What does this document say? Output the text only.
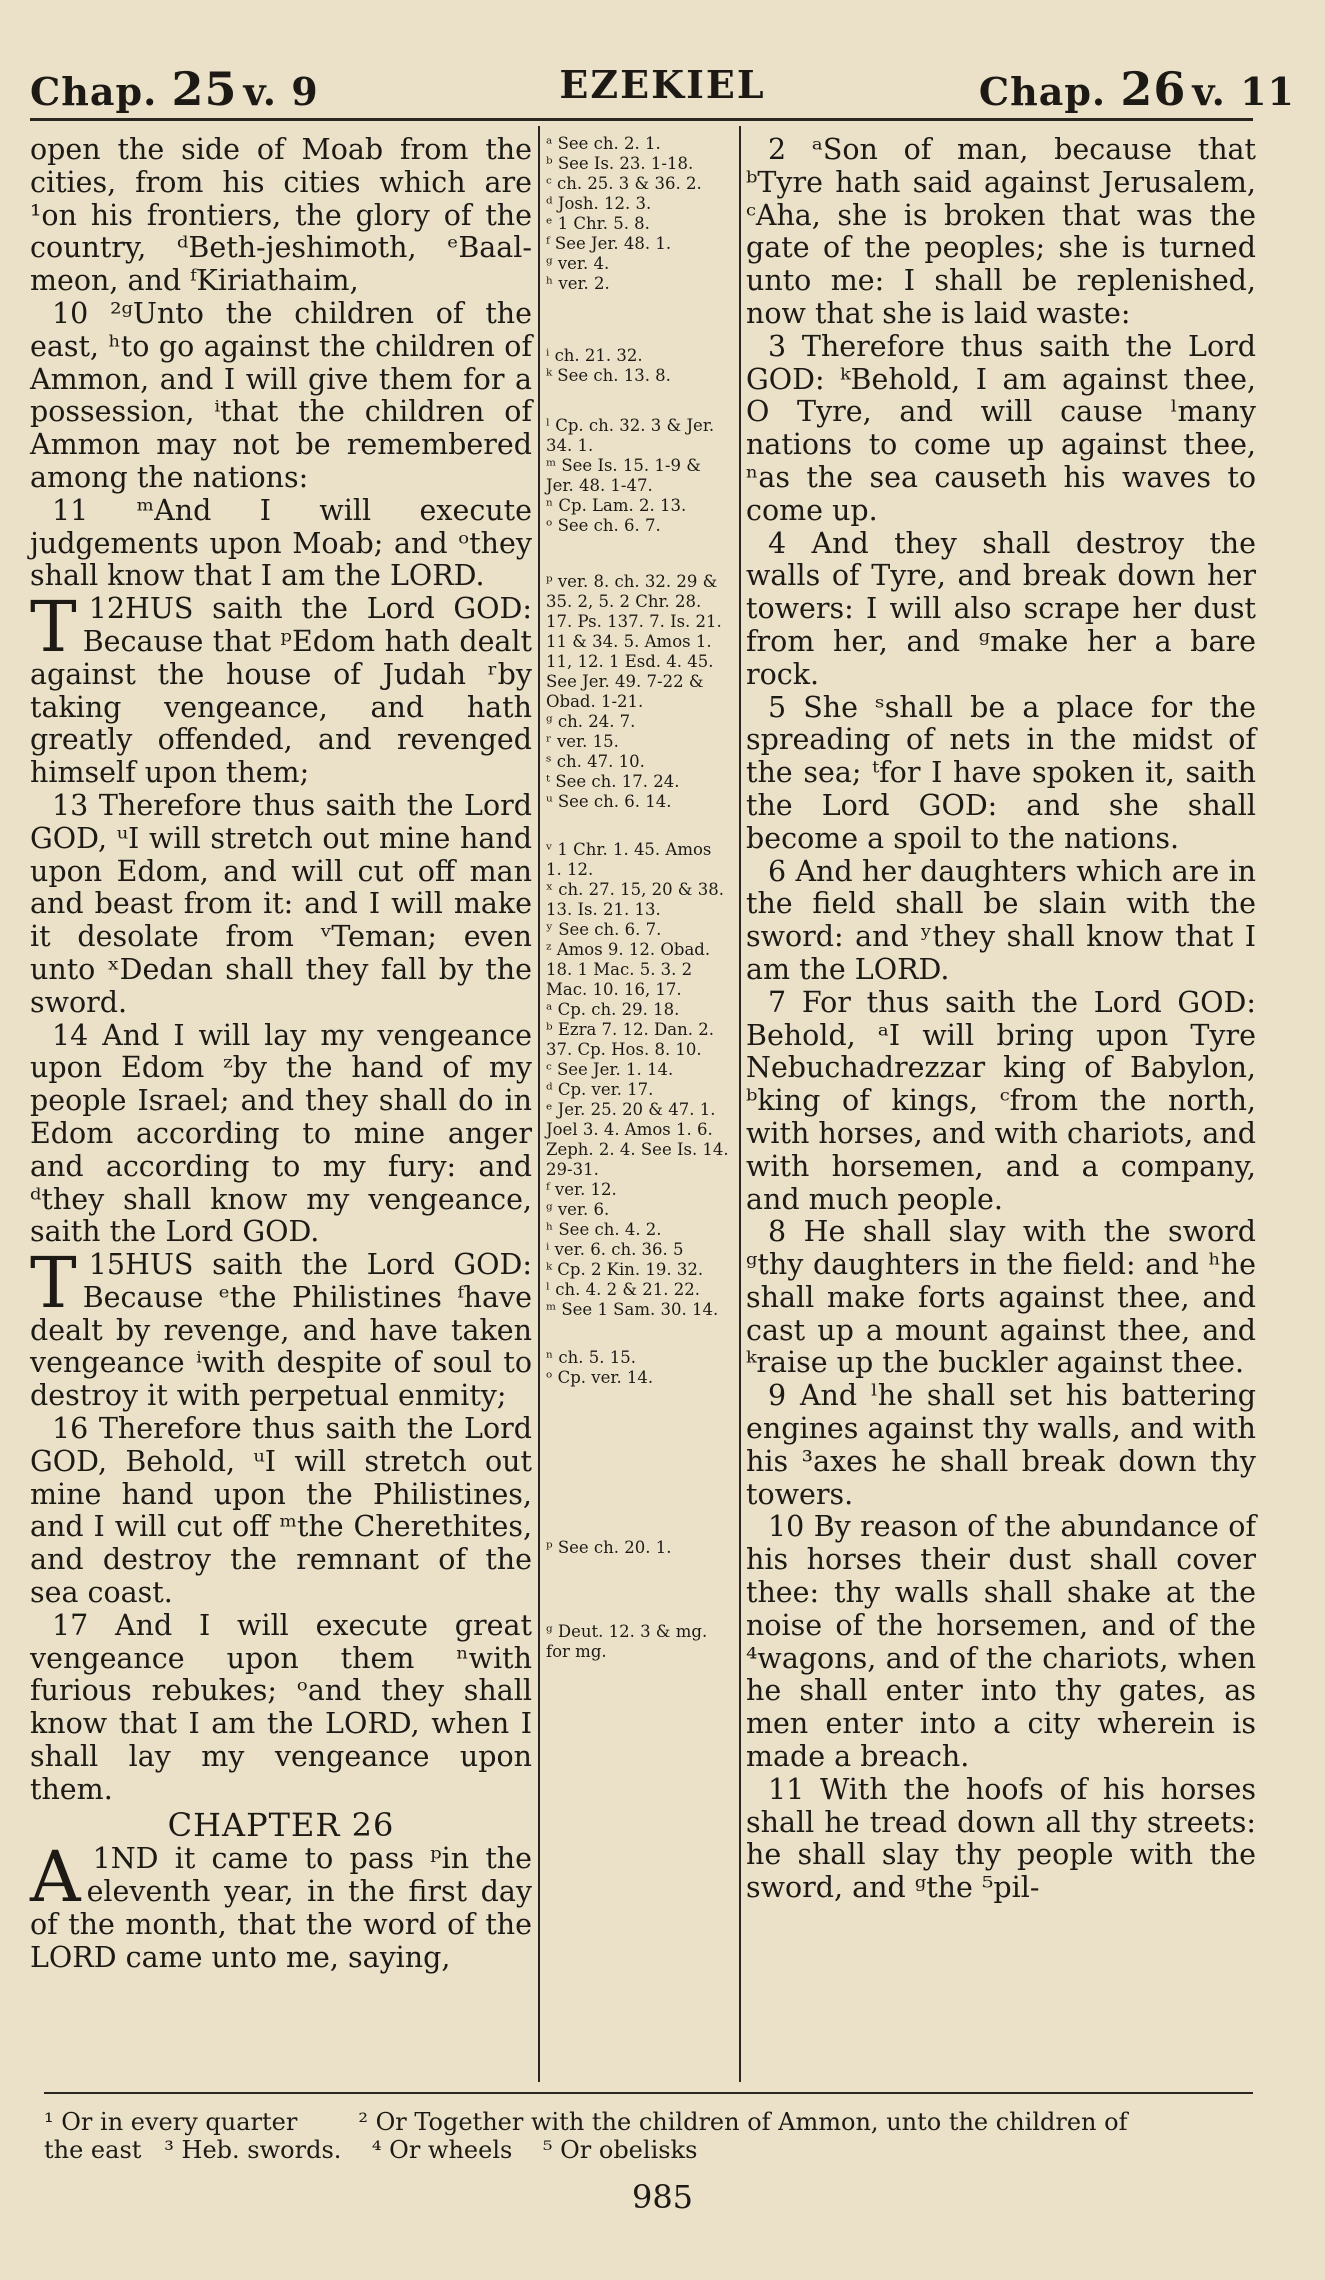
Chap. 25 v. 9	EZEKIEL	Chap. 26 v. 11

open the side of Moab from the cities, from his cities which are ¹on his frontiers, the glory of the country, ᵈBeth-jeshimoth, ᵉBaal-meon, and ᶠKiriathaim,

10 ²ᵍUnto the children of the east, ʰto go against the children of Ammon, and I will give them for a possession, ⁱthat the children of Ammon may not be remembered among the nations:

11 ᵐAnd I will execute judgements upon Moab; and ᵒthey shall know that I am the LORD.

12
T HUS saith the Lord GOD: Because that ᵖEdom hath dealt against the house of Judah ʳby taking vengeance, and hath greatly offended, and revenged himself upon them;

13 Therefore thus saith the Lord GOD, ᵘI will stretch out mine hand upon Edom, and will cut off man and beast from it: and I will make it desolate from ᵛTeman; even unto ˣDedan shall they fall by the sword.

14 And I will lay my vengeance upon Edom ᶻby the hand of my people Israel; and they shall do in Edom according to mine anger and according to my fury: and ᵈthey shall know my vengeance, saith the Lord GOD.

15
T HUS saith the Lord GOD: Because ᵉthe Philistines ᶠhave dealt by revenge, and have taken vengeance ⁱwith despite of soul to destroy it with perpetual enmity;

16 Therefore thus saith the Lord GOD, Behold, ᵘI will stretch out mine hand upon the Philistines, and I will cut off ᵐthe Cherethites, and destroy the remnant of the sea coast.

17 And I will execute great vengeance upon them ⁿwith furious rebukes; ᵒand they shall know that I am the LORD, when I shall lay my vengeance upon them.

CHAPTER 26

1
A ND it came to pass ᵖin the eleventh year, in the first day of the month, that the word of the LORD came unto me, saying,

ᵃ See ch. 2. 1.
ᵇ See Is. 23. 1-18.
ᶜ ch. 25. 3 & 36. 2.
ᵈ Josh. 12. 3.
ᵉ 1 Chr. 5. 8.
ᶠ See Jer. 48. 1.
ᵍ ver. 4.
ʰ ver. 2.

ⁱ ch. 21. 32.
ᵏ See ch. 13. 8.

ˡ Cp. ch. 32. 3 & Jer. 34. 1.
ᵐ See Is. 15. 1-9 & Jer. 48. 1-47.
ⁿ Cp. Lam. 2. 13.
ᵒ See ch. 6. 7.

ᵖ ver. 8. ch. 32. 29 & 35. 2, 5. 2 Chr. 28. 17. Ps. 137. 7. Is. 21. 11 & 34. 5. Amos 1. 11, 12. 1 Esd. 4. 45. See Jer. 49. 7-22 & Obad. 1-21.
ᵍ ch. 24. 7.
ʳ ver. 15.
ˢ ch. 47. 10.
ᵗ See ch. 17. 24.
ᵘ See ch. 6. 14.

ᵛ 1 Chr. 1. 45. Amos 1. 12.
ˣ ch. 27. 15, 20 & 38. 13. Is. 21. 13.
ʸ See ch. 6. 7.
ᶻ Amos 9. 12. Obad. 18. 1 Mac. 5. 3. 2 Mac. 10. 16, 17.
ᵃ Cp. ch. 29. 18.
ᵇ Ezra 7. 12. Dan. 2. 37. Cp. Hos. 8. 10.
ᶜ See Jer. 1. 14.
ᵈ Cp. ver. 17.
ᵉ Jer. 25. 20 & 47. 1. Joel 3. 4. Amos 1. 6. Zeph. 2. 4. See Is. 14. 29-31.
ᶠ ver. 12.
ᵍ ver. 6.
ʰ See ch. 4. 2.
ⁱ ver. 6. ch. 36. 5
ᵏ Cp. 2 Kin. 19. 32.
ˡ ch. 4. 2 & 21. 22.
ᵐ See 1 Sam. 30. 14.

ⁿ ch. 5. 15.
ᵒ Cp. ver. 14.

ᵖ See ch. 20. 1.

ᵍ Deut. 12. 3 & mg. for mg.

2 ᵃSon of man, because that ᵇTyre hath said against Jerusalem, ᶜAha, she is broken that was the gate of the peoples; she is turned unto me: I shall be replenished, now that she is laid waste:

3 Therefore thus saith the Lord GOD: ᵏBehold, I am against thee, O Tyre, and will cause ˡmany nations to come up against thee, ⁿas the sea causeth his waves to come up.

4 And they shall destroy the walls of Tyre, and break down her towers: I will also scrape her dust from her, and ᵍmake her a bare rock.

5 She ˢshall be a place for the spreading of nets in the midst of the sea; ᵗfor I have spoken it, saith the Lord GOD: and she shall become a spoil to the nations.

6 And her daughters which are in the field shall be slain with the sword: and ʸthey shall know that I am the LORD.

7 For thus saith the Lord GOD: Behold, ᵃI will bring upon Tyre Nebuchadrezzar king of Babylon, ᵇking of kings, ᶜfrom the north, with horses, and with chariots, and with horsemen, and a company, and much people.

8 He shall slay with the sword ᵍthy daughters in the field: and ʰhe shall make forts against thee, and cast up a mount against thee, and ᵏraise up the buckler against thee.

9 And ˡhe shall set his battering engines against thy walls, and with his ³axes he shall break down thy towers.

10 By reason of the abundance of his horses their dust shall cover thee: thy walls shall shake at the noise of the horsemen, and of the ⁴wagons, and of the chariots, when he shall enter into thy gates, as men enter into a city wherein is made a breach.

11 With the hoofs of his horses shall he tread down all thy streets: he shall slay thy people with the sword, and ᵍthe ⁵pil-

¹ Or in every quarter        ² Or Together with the children of Ammon, unto the children of

the east   ³ Heb. swords.    ⁴ Or wheels    ⁵ Or obelisks

985
